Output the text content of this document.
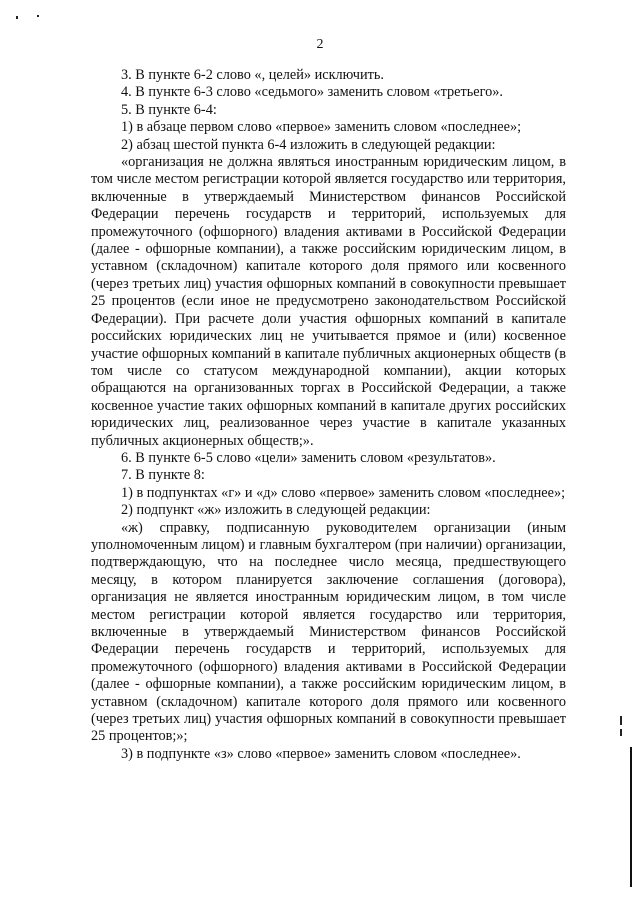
2

3. В пункте 6-2 слово «, целей» исключить.

4. В пункте 6-3 слово «седьмого» заменить словом «третьего».

5. В пункте 6-4:

1) в абзаце первом слово «первое» заменить словом «последнее»;

2) абзац шестой пункта 6-4 изложить в следующей редакции:

«организация не должна являться иностранным юридическим лицом, в том числе местом регистрации которой является государство или территория, включенные в утверждаемый Министерством финансов Российской Федерации перечень государств и территорий, используемых для промежуточного (офшорного) владения активами в Российской Федерации (далее - офшорные компании), а также российским юридическим лицом, в уставном (складочном) капитале которого доля прямого или косвенного (через третьих лиц) участия офшорных компаний в совокупности превышает 25 процентов (если иное не предусмотрено законодательством Российской Федерации). При расчете доли участия офшорных компаний в капитале российских юридических лиц не учитывается прямое и (или) косвенное участие офшорных компаний в капитале публичных акционерных обществ (в том числе со статусом международной компании), акции которых обращаются на организованных торгах в Российской Федерации, а также косвенное участие таких офшорных компаний в капитале других российских юридических лиц, реализованное через участие в капитале указанных публичных акционерных обществ;».

6. В пункте 6-5 слово «цели» заменить словом «результатов».

7. В пункте 8:

1) в подпунктах «г» и «д» слово «первое» заменить словом «последнее»;

2) подпункт «ж» изложить в следующей редакции:

«ж) справку, подписанную руководителем организации (иным уполномоченным лицом) и главным бухгалтером (при наличии) организации, подтверждающую, что на последнее число месяца, предшествующего месяцу, в котором планируется заключение соглашения (договора), организация не является иностранным юридическим лицом, в том числе местом регистрации которой является государство или территория, включенные в утверждаемый Министерством финансов Российской Федерации перечень государств и территорий, используемых для промежуточного (офшорного) владения активами в Российской Федерации (далее - офшорные компании), а также российским юридическим лицом, в уставном (складочном) капитале которого доля прямого или косвенного (через третьих лиц) участия офшорных компаний в совокупности превышает 25 процентов;»;

3) в подпункте «з» слово «первое» заменить словом «последнее».
